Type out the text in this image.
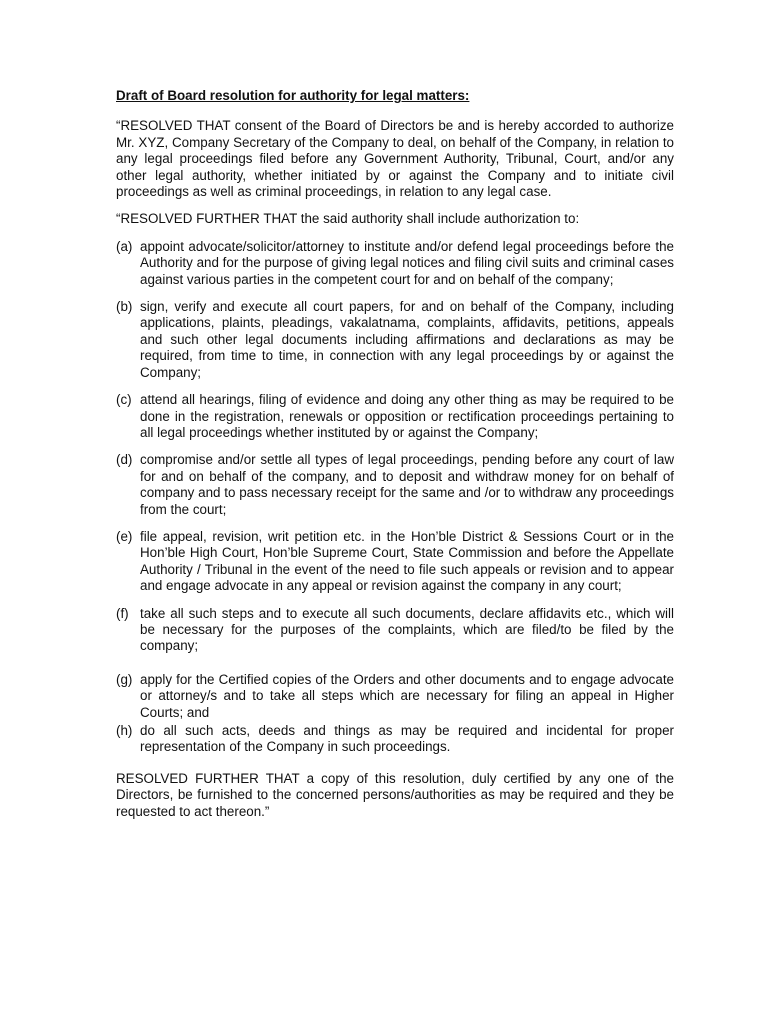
Draft of Board resolution for authority for legal matters:

“RESOLVED THAT consent of the Board of Directors be and is hereby accorded to authorize Mr. XYZ, Company Secretary of the Company to deal, on behalf of the Company, in relation to any legal proceedings filed before any Government Authority, Tribunal, Court, and/or any other legal authority, whether initiated by or against the Company and to initiate civil proceedings as well as criminal proceedings, in relation to any legal case.

“RESOLVED FURTHER THAT the said authority shall include authorization to:

(a) appoint advocate/solicitor/attorney to institute and/or defend legal proceedings before the Authority and for the purpose of giving legal notices and filing civil suits and criminal cases against various parties in the competent court for and on behalf of the company;
(b) sign, verify and execute all court papers, for and on behalf of the Company, including applications, plaints, pleadings, vakalatnama, complaints, affidavits, petitions, appeals and such other legal documents including affirmations and declarations as may be required, from time to time, in connection with any legal proceedings by or against the Company;
(c) attend all hearings, filing of evidence and doing any other thing as may be required to be done in the registration, renewals or opposition or rectification proceedings pertaining to all legal proceedings whether instituted by or against the Company;
(d) compromise and/or settle all types of legal proceedings, pending before any court of law for and on behalf of the company, and to deposit and withdraw money for on behalf of company and to pass necessary receipt for the same and /or to withdraw any proceedings from the court;
(e) file appeal, revision, writ petition etc. in the Hon’ble District & Sessions Court or in the Hon’ble High Court, Hon’ble Supreme Court, State Commission and before the Appellate Authority / Tribunal in the event of the need to file such appeals or revision and to appear and engage advocate in any appeal or revision against the company in any court;
(f) take all such steps and to execute all such documents, declare affidavits etc., which will be necessary for the purposes of the complaints, which are filed/to be filed by the company;
(g) apply for the Certified copies of the Orders and other documents and to engage advocate or attorney/s and to take all steps which are necessary for filing an appeal in Higher Courts; and
(h) do all such acts, deeds and things as may be required and incidental for proper representation of the Company in such proceedings.

RESOLVED FURTHER THAT a copy of this resolution, duly certified by any one of the Directors, be furnished to the concerned persons/authorities as may be required and they be requested to act thereon.”
